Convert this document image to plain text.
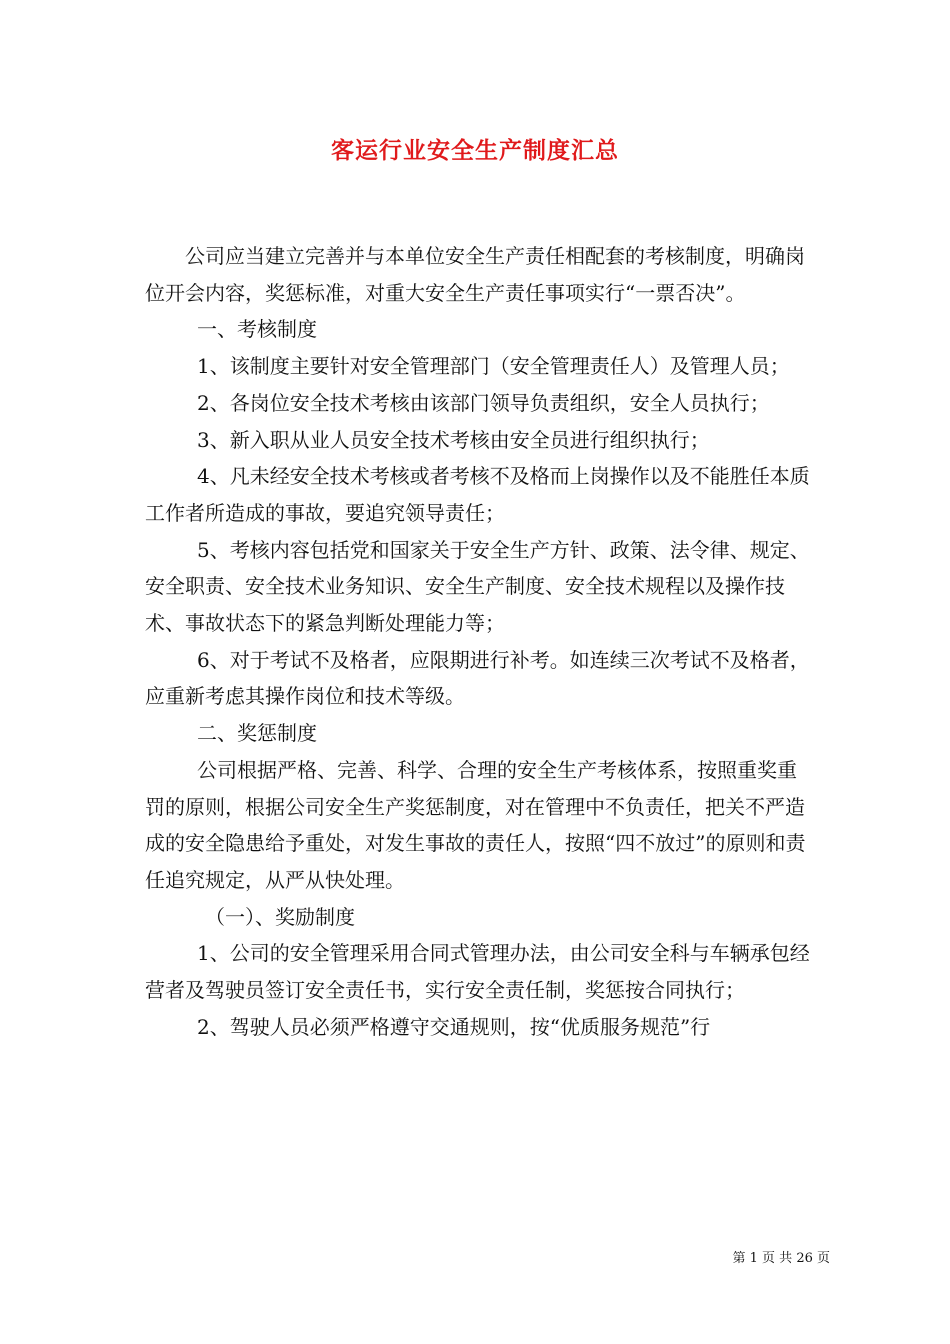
客运行业安全生产制度汇总

公司应当建立完善并与本单位安全生产责任相配套的考核制度，明确岗位开会内容，奖惩标准，对重大安全生产责任事项实行“一票否决”。

一、考核制度

1、该制度主要针对安全管理部门（安全管理责任人）及管理人员；

2、各岗位安全技术考核由该部门领导负责组织，安全人员执行；

3、新入职从业人员安全技术考核由安全员进行组织执行；

4、凡未经安全技术考核或者考核不及格而上岗操作以及不能胜任本质工作者所造成的事故，要追究领导责任；

5、考核内容包括党和国家关于安全生产方针、政策、法令律、规定、安全职责、安全技术业务知识、安全生产制度、安全技术规程以及操作技术、事故状态下的紧急判断处理能力等；

6、对于考试不及格者，应限期进行补考。如连续三次考试不及格者，应重新考虑其操作岗位和技术等级。

二、奖惩制度

公司根据严格、完善、科学、合理的安全生产考核体系，按照重奖重罚的原则，根据公司安全生产奖惩制度，对在管理中不负责任，把关不严造成的安全隐患给予重处，对发生事故的责任人，按照“四不放过”的原则和责任追究规定，从严从快处理。

（一）、奖励制度

1、公司的安全管理采用合同式管理办法，由公司安全科与车辆承包经营者及驾驶员签订安全责任书，实行安全责任制，奖惩按合同执行；

2、驾驶人员必须严格遵守交通规则，按“优质服务规范”行

第 1 页 共 26 页
